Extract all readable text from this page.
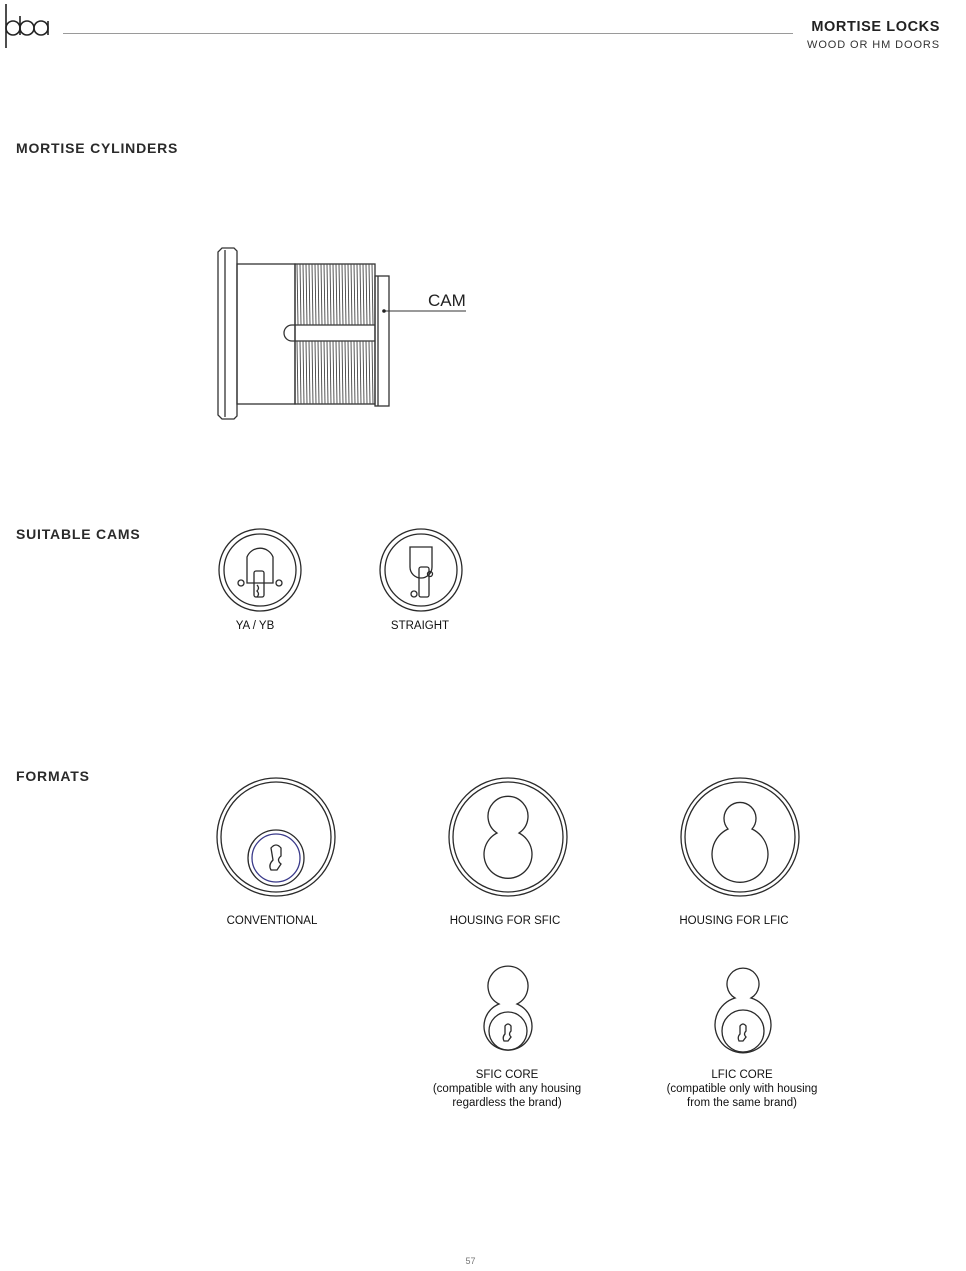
MORTISE LOCKS
WOOD OR HM DOORS
MORTISE CYLINDERS
CAM
SUITABLE CAMS
YA / YB	STRAIGHT
FORMATS
CONVENTIONAL	HOUSING FOR SFIC	HOUSING FOR LFIC
SFIC CORE
(compatible with any housing
regardless the brand)
LFIC CORE
(compatible only with housing
from the same brand)
57
